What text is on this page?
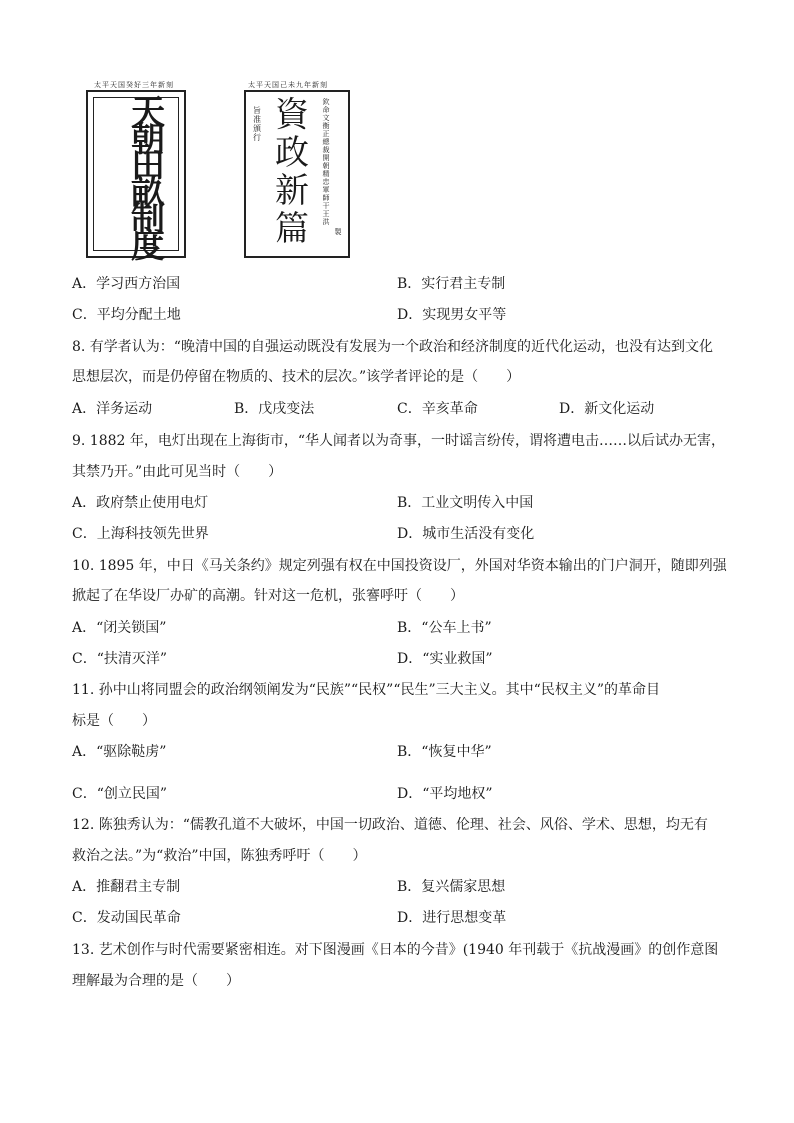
太平天国癸好三年新刻
天朝田畝制度
太平天国己未九年新刻
旨准頒行
資政新篇
欽命文衡正總裁開朝精忠軍師干王洪
製
A．学习西方治国	B．实行君主专制
C．平均分配土地	D．实现男女平等
8. 有学者认为：“晚清中国的自强运动既没有发展为一个政治和经济制度的近代化运动，也没有达到文化
思想层次，而是仍停留在物质的、技术的层次。”该学者评论的是（　　）
A．洋务运动	B．戊戌变法	C．辛亥革命	D．新文化运动
9. 1882 年，电灯出现在上海街市，“华人闻者以为奇事，一时谣言纷传，谓将遭电击……以后试办无害，
其禁乃开。”由此可见当时（　　）
A．政府禁止使用电灯	B．工业文明传入中国
C．上海科技领先世界	D．城市生活没有变化
10. 1895 年，中日《马关条约》规定列强有权在中国投资设厂，外国对华资本输出的门户洞开，随即列强
掀起了在华设厂办矿的高潮。针对这一危机，张謇呼吁（　　）
A．“闭关锁国”	B．“公车上书”
C．“扶清灭洋”	D．“实业救国”
11. 孙中山将同盟会的政治纲领阐发为“民族”“民权”“民生”三大主义。其中“民权主义”的革命目
标是（　　）
A．“驱除鞑虏”	B．“恢复中华”
C．“创立民国”	D．“平均地权”
12. 陈独秀认为：“儒教孔道不大破坏，中国一切政治、道德、伦理、社会、风俗、学术、思想，均无有
救治之法。”为“救治”中国，陈独秀呼吁（　　）
A．推翻君主专制	B．复兴儒家思想
C．发动国民革命	D．进行思想变革
13. 艺术创作与时代需要紧密相连。对下图漫画《日本的今昔》(1940 年刊载于《抗战漫画》的创作意图
理解最为合理的是（　　）
